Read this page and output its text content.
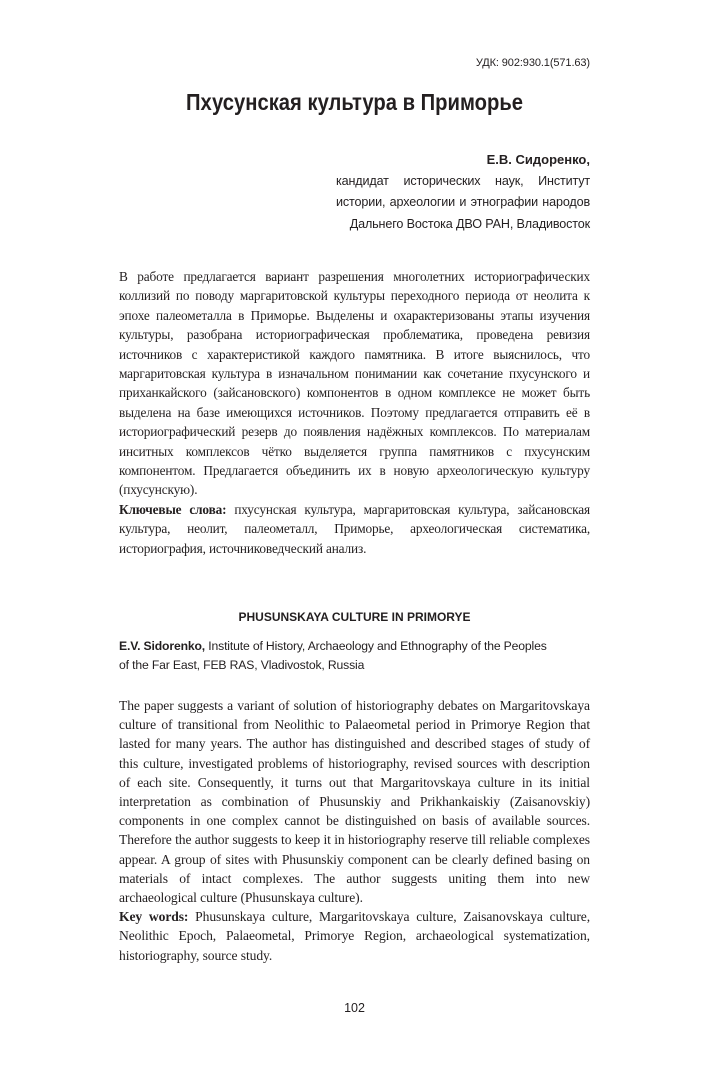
УДК: 902:930.1(571.63)
Пхусунская культура в Приморье
Е.В. Сидоренко,
кандидат исторических наук, Институт истории, археологии и этнографии народов Дальнего Востока ДВО РАН, Владивосток

В работе предлагается вариант разрешения многолетних историографических коллизий по поводу маргаритовской культуры переходного периода от неолита к эпохе палеометалла в Приморье. Выделены и охарактеризованы этапы изучения культуры, разобрана историографическая проблематика, проведена ревизия источников с характеристикой каждого памятника. В итоге выяснилось, что маргаритовская культура в изначальном понимании как сочетание пхусунского и приханкайского (зайсановского) компонентов в одном комплексе не может быть выделена на базе имеющихся источников. Поэтому предлагается отправить её в историографический резерв до появления надёжных комплексов. По материалам инситных комплексов чётко выделяется группа памятников с пхусунским компонентом. Предлагается объединить их в новую археологическую культуру (пхусунскую).

Ключевые слова: пхусунская культура, маргаритовская культура, зайсановская культура, неолит, палеометалл, Приморье, археологическая систематика, историография, источниковедческий анализ.

PHUSUNSKAYA CULTURE IN PRIMORYE
E.V. Sidorenko, Institute of History, Archaeology and Ethnography of the Peoples
of the Far East, FEB RAS, Vladivostok, Russia

The paper suggests a variant of solution of historiography debates on Margaritovskaya culture of transitional from Neolithic to Palaeometal period in Primorye Region that lasted for many years. The author has distinguished and described stages of study of this culture, investigated problems of historiography, revised sources with description of each site. Consequently, it turns out that Margaritovskaya culture in its initial interpretation as combination of Phusunskiy and Prikhankaiskiy (Zaisanovskiy) components in one complex cannot be distinguished on basis of available sources. Therefore the author suggests to keep it in historiography reserve till reliable complexes appear. A group of sites with Phusunskiy component can be clearly defined basing on materials of intact complexes. The author suggests uniting them into new archaeological culture (Phusunskaya culture).

Key words: Phusunskaya culture, Margaritovskaya culture, Zaisanovskaya culture, Neolithic Epoch, Palaeometal, Primorye Region, archaeological systematization, historiography, source study.

102
